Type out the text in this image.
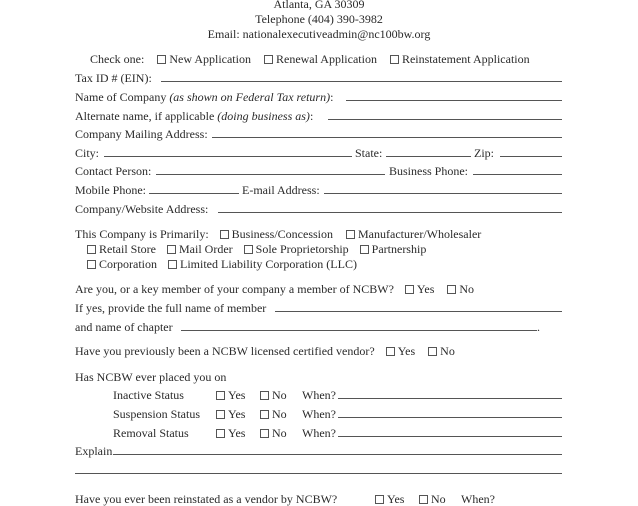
Atlanta, GA 30309
Telephone (404) 390-3982
Email: nationalexecutiveadmin@nc100bw.org
Check one: New Application Renewal Application Reinstatement Application
Tax ID # (EIN):
Name of Company (as shown on Federal Tax return):
Alternate name, if applicable (doing business as):
Company Mailing Address:
City:	State:	Zip:
Contact Person:	Business Phone:
Mobile Phone:	E-mail Address:
Company/Website Address:
This Company is Primarily: Business/Concession Manufacturer/Wholesaler
Retail Store Mail Order Sole Proprietorship Partnership
Corporation Limited Liability Corporation (LLC)
Are you, or a key member of your company a member of NCBW? Yes No
If yes, provide the full name of member
and name of chapter	.
Have you previously been a NCBW licensed certified vendor? Yes No
Has NCBW ever placed you on
Inactive Status	Yes	No When?
Suspension Status	Yes	No When?
Removal Status	Yes	No When?
Explain
Have you ever been reinstated as a vendor by NCBW?	Yes	No When?
